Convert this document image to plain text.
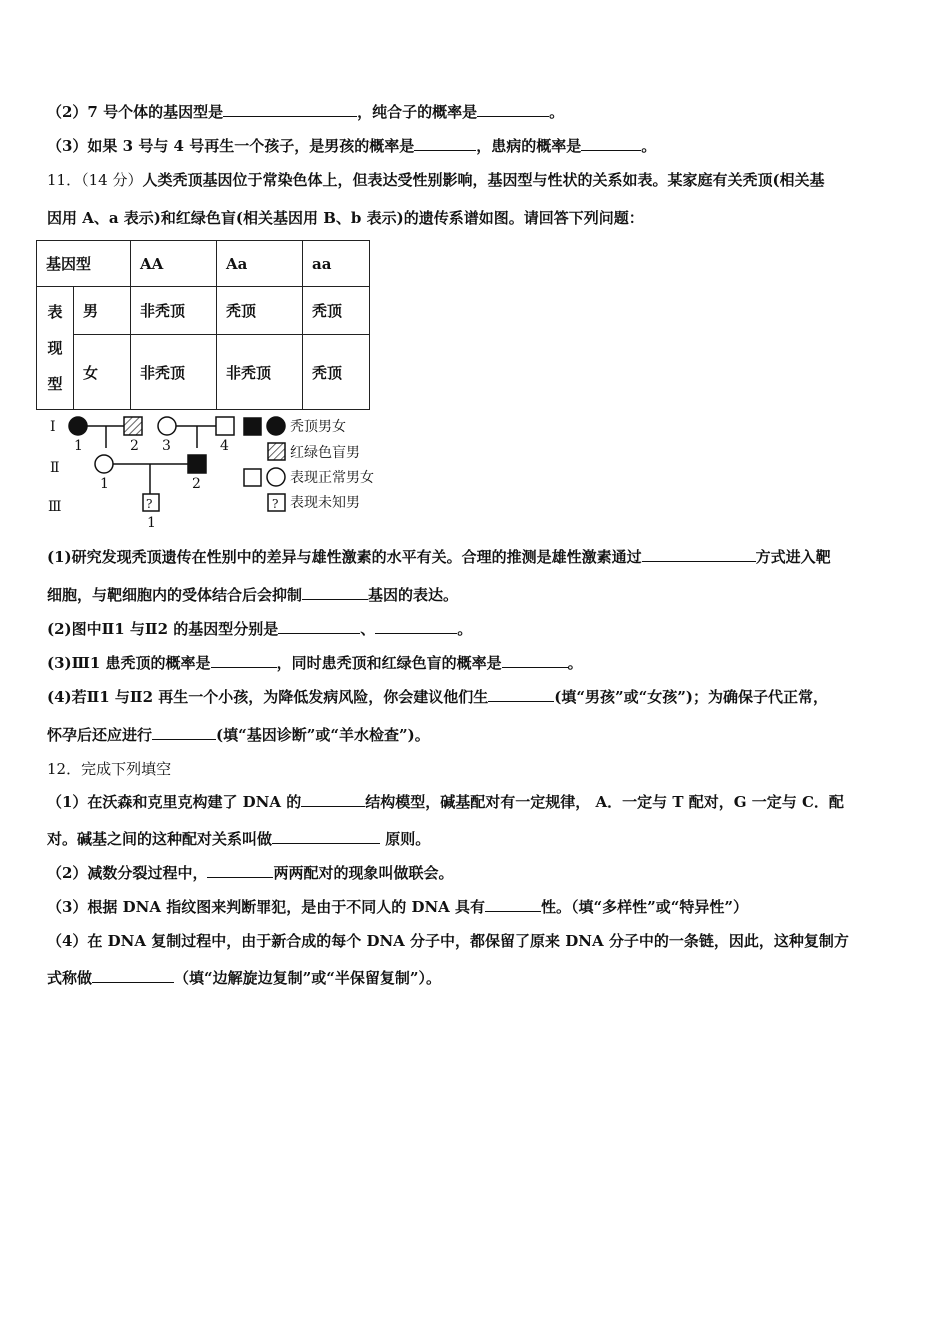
（2）7 号个体的基因型是	，纯合子的概率是	。
（3）如果 3 号与 4 号再生一个孩子，是男孩的概率是	，患病的概率是	。
11．（14 分）人类秃顶基因位于常染色体上，但表达受性别影响，基因型与性状的关系如表。某家庭有关秃顶(相关基
因用 A、a 表示)和红绿色盲(相关基因用 B、b 表示)的遗传系谱如图。请回答下列问题：
基因型		AA	Aa	aa

表
现
型	男	非秃顶	秃顶	秃顶
	女	非秃顶	非秃顶	秃顶
Ⅰ
Ⅱ
Ⅲ
1	2 3	4
1	2
?
1
秃顶男女
红绿色盲男
表现正常男女
? 表现未知男
(1)研究发现秃顶遗传在性别中的差异与雄性激素的水平有关。合理的推测是雄性激素通过	方式进入靶
细胞，与靶细胞内的受体结合后会抑制	基因的表达。
(2)图中Ⅱ1 与Ⅱ2 的基因型分别是	、	。
(3)Ⅲ1 患秃顶的概率是	，同时患秃顶和红绿色盲的概率是	。
(4)若Ⅱ1 与Ⅱ2 再生一个小孩，为降低发病风险，你会建议他们生	(填“男孩”或“女孩”)；为确保子代正常，
怀孕后还应进行	(填“基因诊断”或“羊水检查”)。
12．完成下列填空
（1）在沃森和克里克构建了 DNA 的	结构模型，碱基配对有一定规律， A．一定与 T 配对，G 一定与 C．配
对。碱基之间的这种配对关系叫做	原则。
（2）减数分裂过程中，	两两配对的现象叫做联会。
（3）根据 DNA 指纹图来判断罪犯，是由于不同人的 DNA 具有	性。（填“多样性”或“特异性”）
（4）在 DNA 复制过程中，由于新合成的每个 DNA 分子中，都保留了原来 DNA 分子中的一条链，因此，这种复制方
式称做	（填“边解旋边复制”或“半保留复制”）。
